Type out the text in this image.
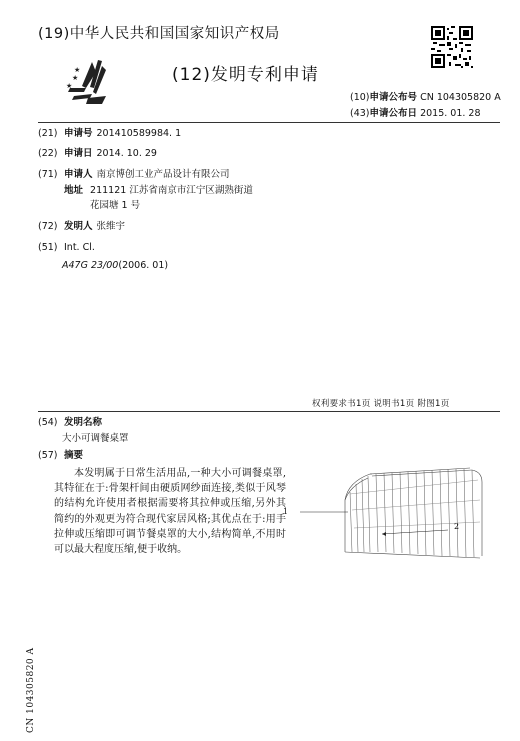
(19)中华人民共和国国家知识产权局
★
★
★	(12)发明专利申请
(10)申请公布号 CN 104305820 A
(43)申请公布日 2015. 01. 28
(21) 申请号 201410589984. 1
(22) 申请日 2014. 10. 29
(71) 申请人 南京博创工业产品设计有限公司
地址 211121 江苏省南京市江宁区湖熟街道
花园塘 1 号
(72) 发明人 张维宇
(51) Int. Cl.
A47G 23/00(2006. 01)
权利要求书1页 说明书1页 附图1页
(54) 发明名称
大小可调餐桌罩
(57) 摘要
本发明属于日常生活用品,一种大小可调餐桌罩,其特征在于:骨架杆间由硬质网纱面连接,类似于风琴的结构允许使用者根据需要将其拉伸或压缩,另外其简约的外观更为符合现代家居风格;其优点在于:用手拉伸或压缩即可调节餐桌罩的大小,结构简单,不用时可以最大程度压缩,便于收纳。
1
2
CN 104305820 A
